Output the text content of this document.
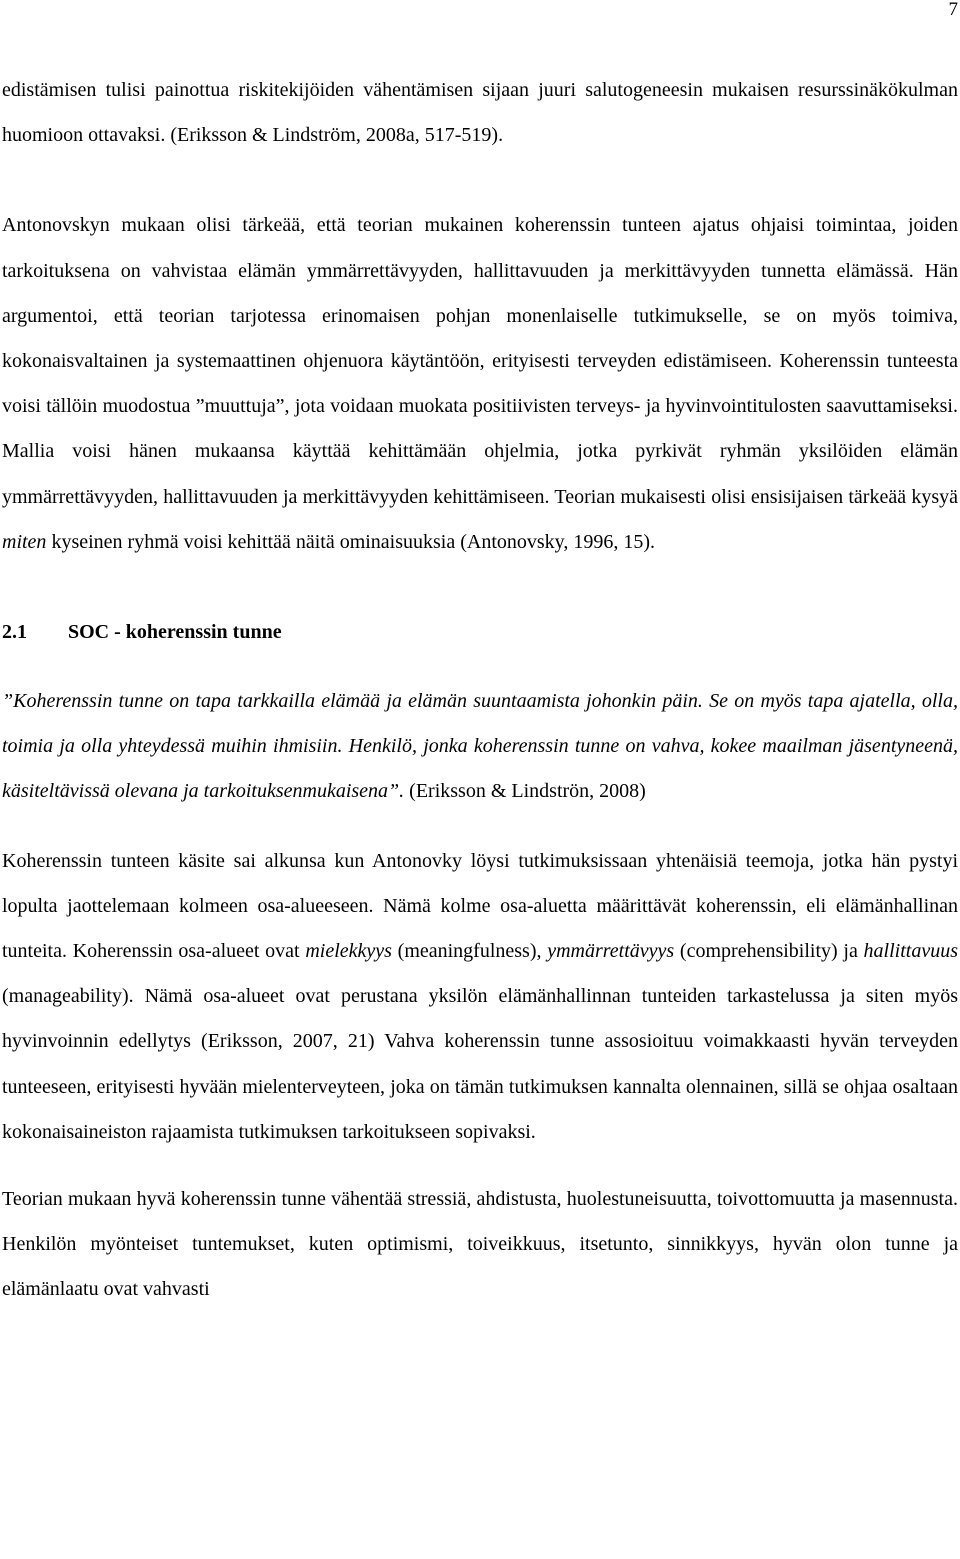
7

edistämisen tulisi painottua riskitekijöiden vähentämisen sijaan juuri salutogeneesin mukaisen resurssinäkökulman huomioon ottavaksi. (Eriksson & Lindström, 2008a, 517-519).

Antonovskyn mukaan olisi tärkeää, että teorian mukainen koherenssin tunteen ajatus ohjaisi toimintaa, joiden tarkoituksena on vahvistaa elämän ymmärrettävyyden, hallittavuuden ja merkittävyyden tunnetta elämässä. Hän argumentoi, että teorian tarjotessa erinomaisen pohjan monenlaiselle tutkimukselle, se on myös toimiva, kokonaisvaltainen ja systemaattinen ohjenuora käytäntöön, erityisesti terveyden edistämiseen. Koherenssin tunteesta voisi tällöin muodostua ”muuttuja”, jota voidaan muokata positiivisten terveys- ja hyvinvointitulosten saavuttamiseksi. Mallia voisi hänen mukaansa käyttää kehittämään ohjelmia, jotka pyrkivät ryhmän yksilöiden elämän ymmärrettävyyden, hallittavuuden ja merkittävyyden kehittämiseen. Teorian mukaisesti olisi ensisijaisen tärkeää kysyä miten kyseinen ryhmä voisi kehittää näitä ominaisuuksia (Antonovsky, 1996, 15).

2.1 SOC - koherenssin tunne

”Koherenssin tunne on tapa tarkkailla elämää ja elämän suuntaamista johonkin päin. Se on myös tapa ajatella, olla, toimia ja olla yhteydessä muihin ihmisiin. Henkilö, jonka koherenssin tunne on vahva, kokee maailman jäsentyneenä, käsiteltävissä olevana ja tarkoituksenmukaisena”. (Eriksson & Lindströn, 2008)

Koherenssin tunteen käsite sai alkunsa kun Antonovky löysi tutkimuksissaan yhtenäisiä teemoja, jotka hän pystyi lopulta jaottelemaan kolmeen osa-alueeseen. Nämä kolme osa-aluetta määrittävät koherenssin, eli elämänhallinan tunteita. Koherenssin osa-alueet ovat mielekkyys (meaningfulness), ymmärrettävyys (comprehensibility) ja hallittavuus (manageability). Nämä osa-alueet ovat perustana yksilön elämänhallinnan tunteiden tarkastelussa ja siten myös hyvinvoinnin edellytys (Eriksson, 2007, 21) Vahva koherenssin tunne assosioituu voimakkaasti hyvän terveyden tunteeseen, erityisesti hyvään mielenterveyteen, joka on tämän tutkimuksen kannalta olennainen, sillä se ohjaa osaltaan kokonaisaineiston rajaamista tutkimuksen tarkoitukseen sopivaksi.

Teorian mukaan hyvä koherenssin tunne vähentää stressiä, ahdistusta, huolestuneisuutta, toivottomuutta ja masennusta. Henkilön myönteiset tuntemukset, kuten optimismi, toiveikkuus, itsetunto, sinnikkyys, hyvän olon tunne ja elämänlaatu ovat vahvasti
